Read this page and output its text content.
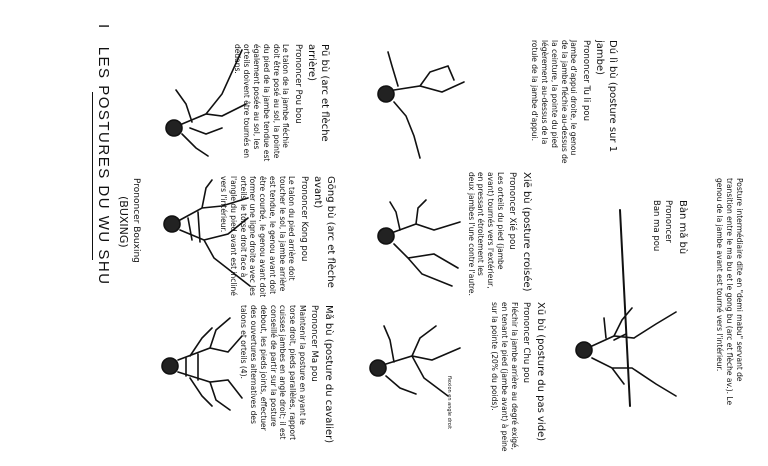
I   LES POSTURES DU WU SHU (BUXING) Prononcer Bouxing
flexion en angle droit
Mǎ bù (posture du cavalier)
Prononcer Ma pou
Maintenir la posture en ayant le torse droit, pieds parallèles, rapport cuisses jambes en angle droit; il est conseillé de partir sur la posture debout, les pieds joints, effectuer des ouvertures alternatives des talons et orteils (4).
Gōng bù (arc et flèche avant)
Prononcer Kong pou
Le talon du pied arrière doit toucher le sol, la jambe arrière est tendue, le genou avant doit être courbé, le genou avant doit former une ligne droite avec les orteils, le torse droit face à l'angle du pied avant est incliné vers l'intérieur.
Pū bù (arc et flèche arrière)
Prononcer Pou bou
Le talon de la jambe fléchie doit être posé au sol, la pointe du pied de la jambe tendue est également posée au sol, les orteils doivent être tournés en dedans.
Xū bù (posture du pas vide)
Prononcer Chu pou
Fléchir la jambe arrière au degré exigé, en tenant le pied (jambe avant) à peine sur la pointe (20% du poids).
Xiē bù (posture croisée)
Prononcer Xié pou
Les orteils du pied (jambe avant) tournés vers l'extérieur, en pressant étroitement les deux jambes l'une contre l'autre.
Dú lì bù (posture sur 1 jambe)
Prononcer Tu li pou
Jambe d'appui droite, le genou de la jambe fléchie au-dessus de la ceinture, la pointe du pied légèrement au-dessus de la rotule de la jambe d'appui.
Bàn mǎ bù
Prononcer
Ban ma pou	Posture intermédiaire dite en "demi mabu" servant de transition entre le ma bu et le gong bu (arc et flèche av.). Le genou de la jambe avant est tourné vers l'intérieur.
